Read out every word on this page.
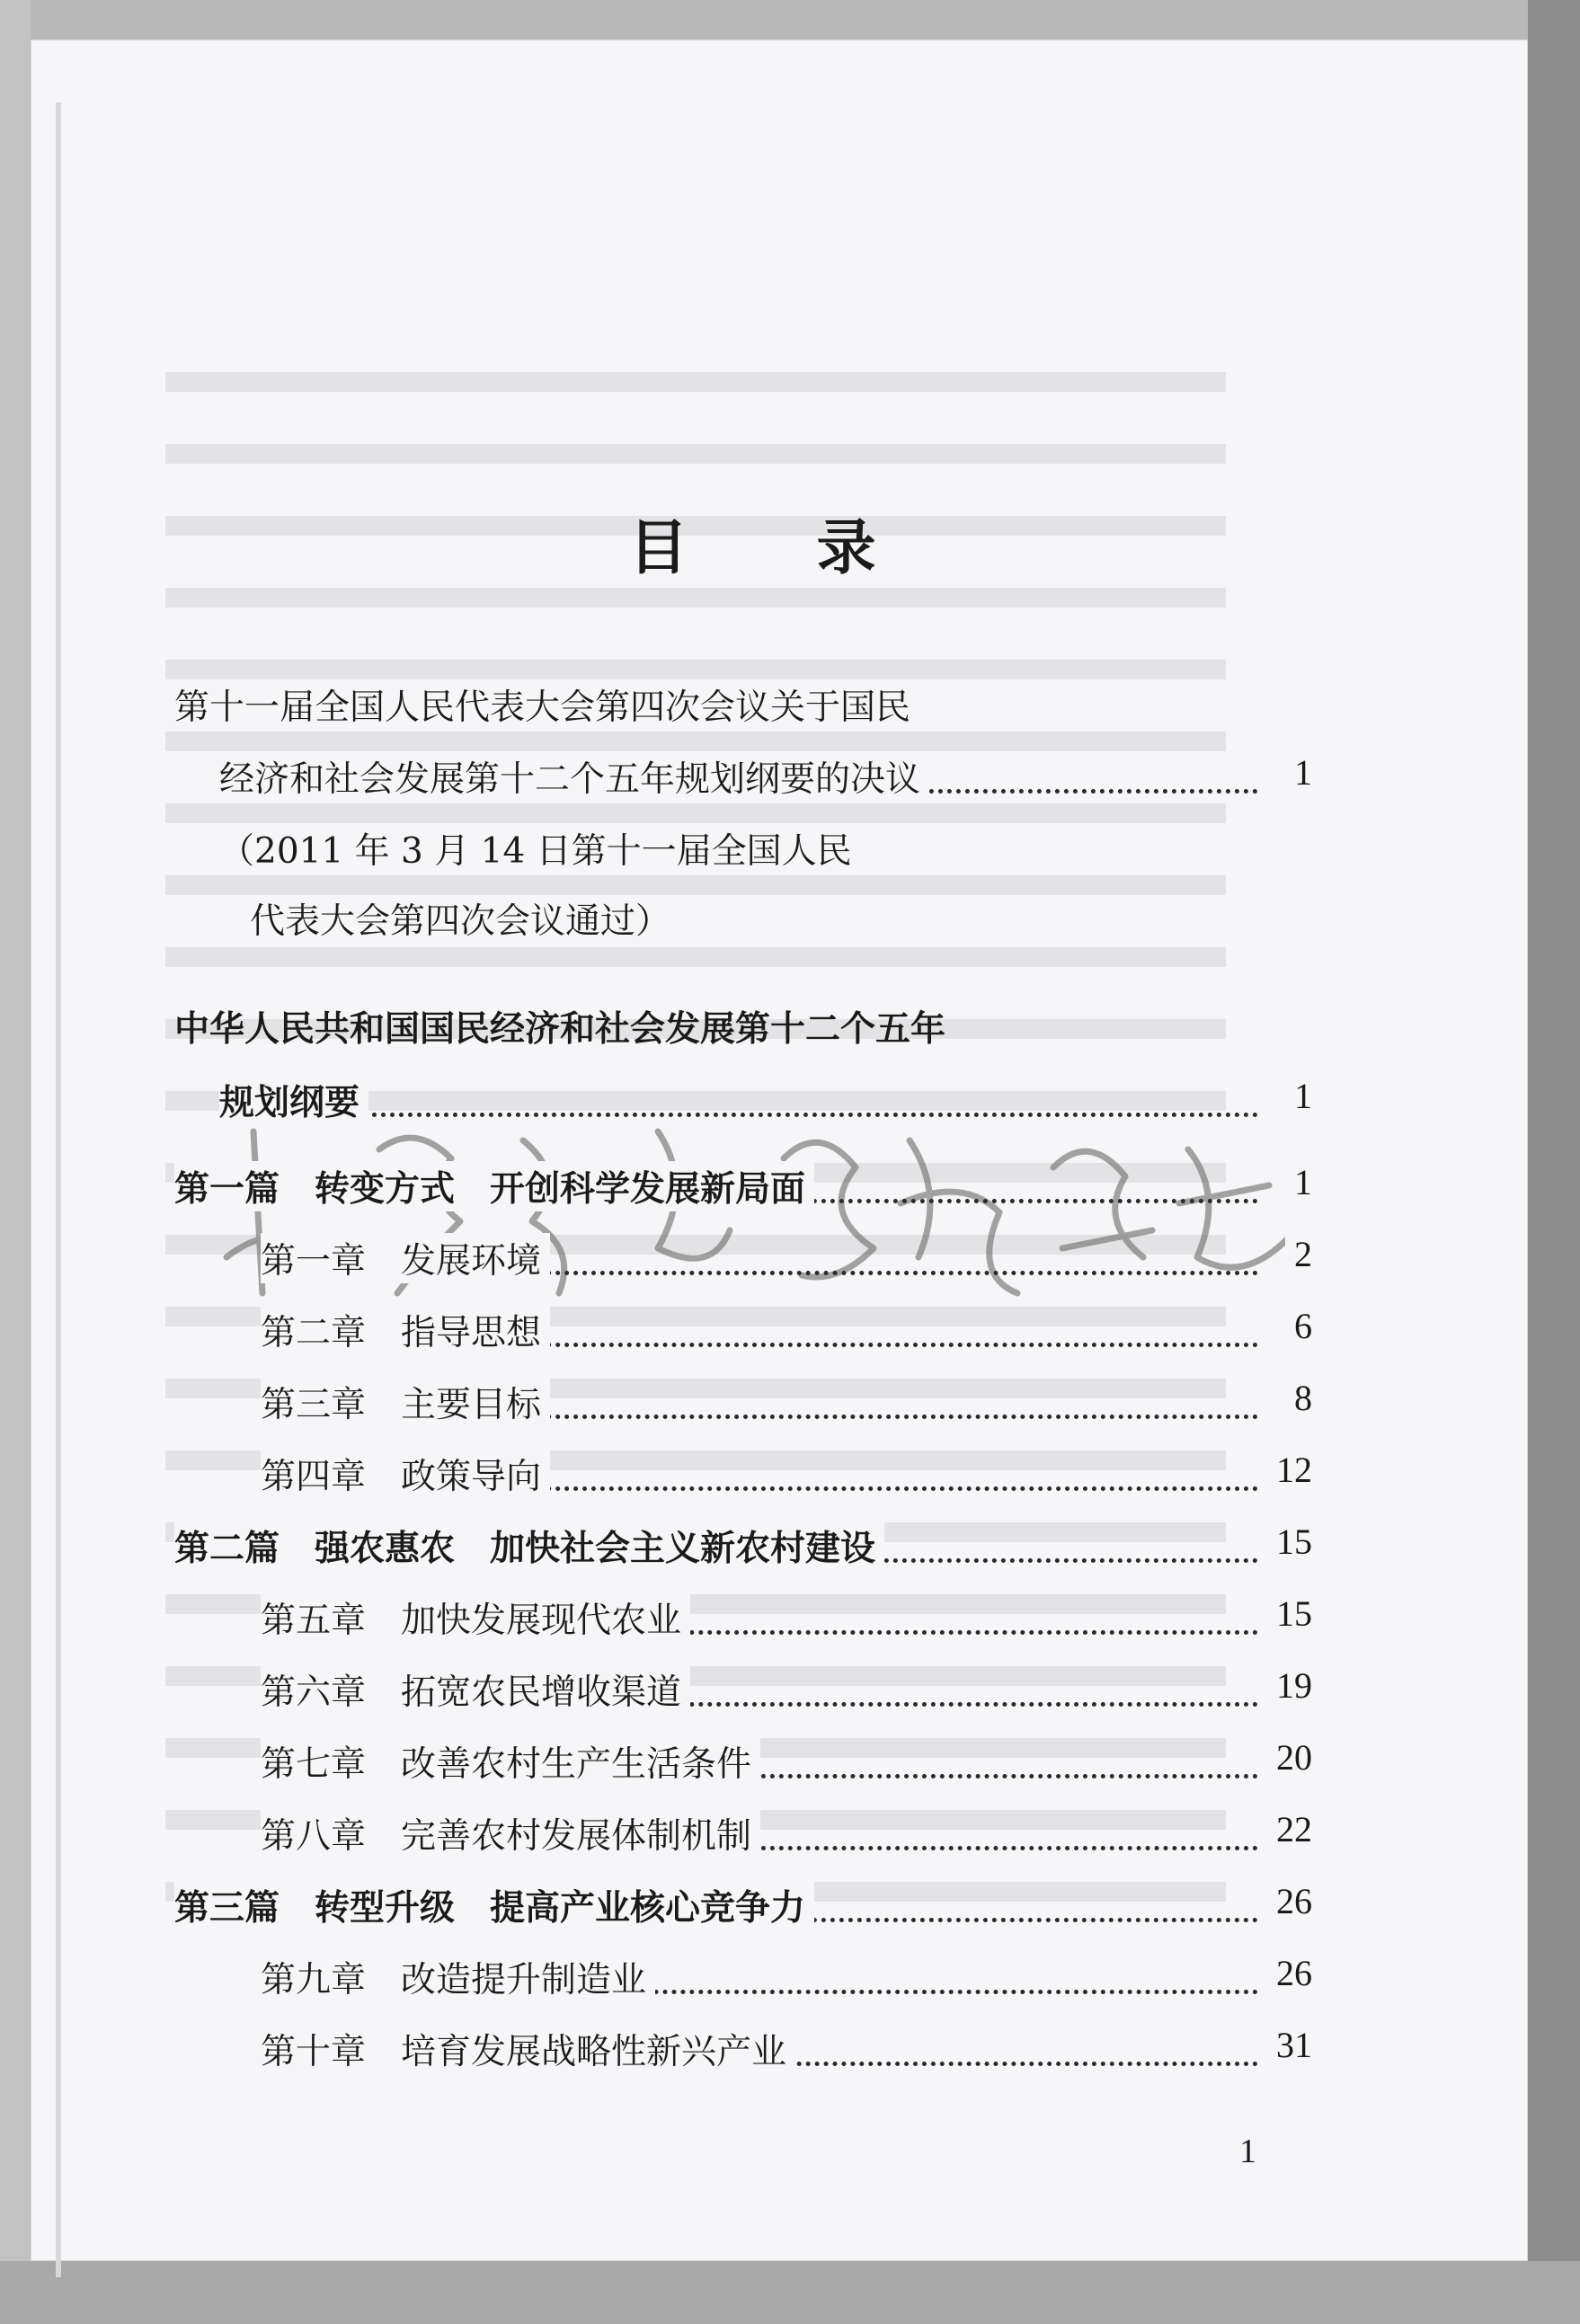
目 录
第十一届全国人民代表大会第四次会议关于国民
经济和社会发展第十二个五年规划纲要的决议	1
（2011 年 3 月 14 日第十一届全国人民
代表大会第四次会议通过）
中华人民共和国国民经济和社会发展第十二个五年
规划纲要	1
第一篇　转变方式　开创科学发展新局面	1
第一章　发展环境	2
第二章　指导思想	6
第三章　主要目标	8
第四章　政策导向	12
第二篇　强农惠农　加快社会主义新农村建设	15
第五章　加快发展现代农业	15
第六章　拓宽农民增收渠道	19
第七章　改善农村生产生活条件	20
第八章　完善农村发展体制机制	22
第三篇　转型升级　提高产业核心竞争力	26
第九章　改造提升制造业	26
第十章　培育发展战略性新兴产业	31
1
